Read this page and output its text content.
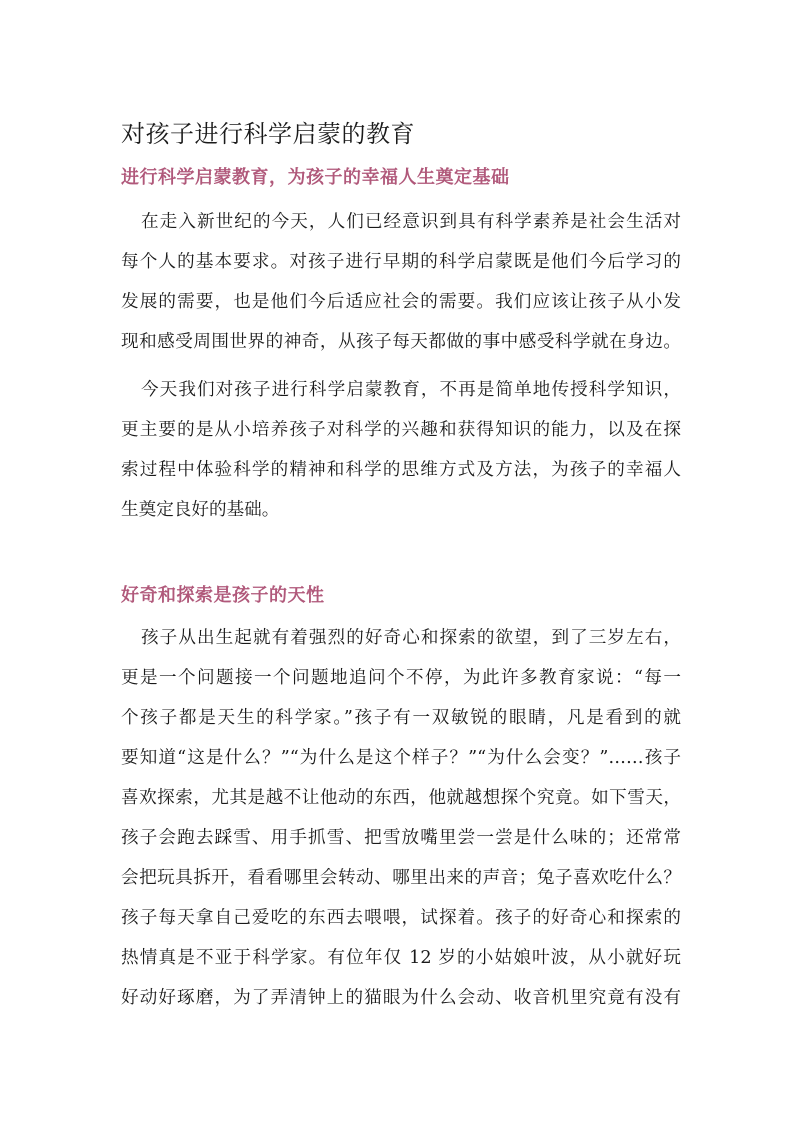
对孩子进行科学启蒙的教育
进行科学启蒙教育，为孩子的幸福人生奠定基础
在走入新世纪的今天，人们已经意识到具有科学素养是社会生活对
每个人的基本要求。对孩子进行早期的科学启蒙既是他们今后学习的
发展的需要，也是他们今后适应社会的需要。我们应该让孩子从小发
现和感受周围世界的神奇，从孩子每天都做的事中感受科学就在身边。
今天我们对孩子进行科学启蒙教育，不再是简单地传授科学知识，
更主要的是从小培养孩子对科学的兴趣和获得知识的能力，以及在探
索过程中体验科学的精神和科学的思维方式及方法，为孩子的幸福人
生奠定良好的基础。
好奇和探索是孩子的天性
孩子从出生起就有着强烈的好奇心和探索的欲望，到了三岁左右，
更是一个问题接一个问题地追问个不停，为此许多教育家说：“每一
个孩子都是天生的科学家。”孩子有一双敏锐的眼睛，凡是看到的就
要知道“这是什么？”“为什么是这个样子？”“为什么会变？”……孩子
喜欢探索，尤其是越不让他动的东西，他就越想探个究竟。如下雪天，
孩子会跑去踩雪、用手抓雪、把雪放嘴里尝一尝是什么味的；还常常
会把玩具拆开，看看哪里会转动、哪里出来的声音；兔子喜欢吃什么？
孩子每天拿自己爱吃的东西去喂喂，试探着。孩子的好奇心和探索的
热情真是不亚于科学家。有位年仅 12 岁的小姑娘叶波，从小就好玩
好动好琢磨，为了弄清钟上的猫眼为什么会动、收音机里究竟有没有
